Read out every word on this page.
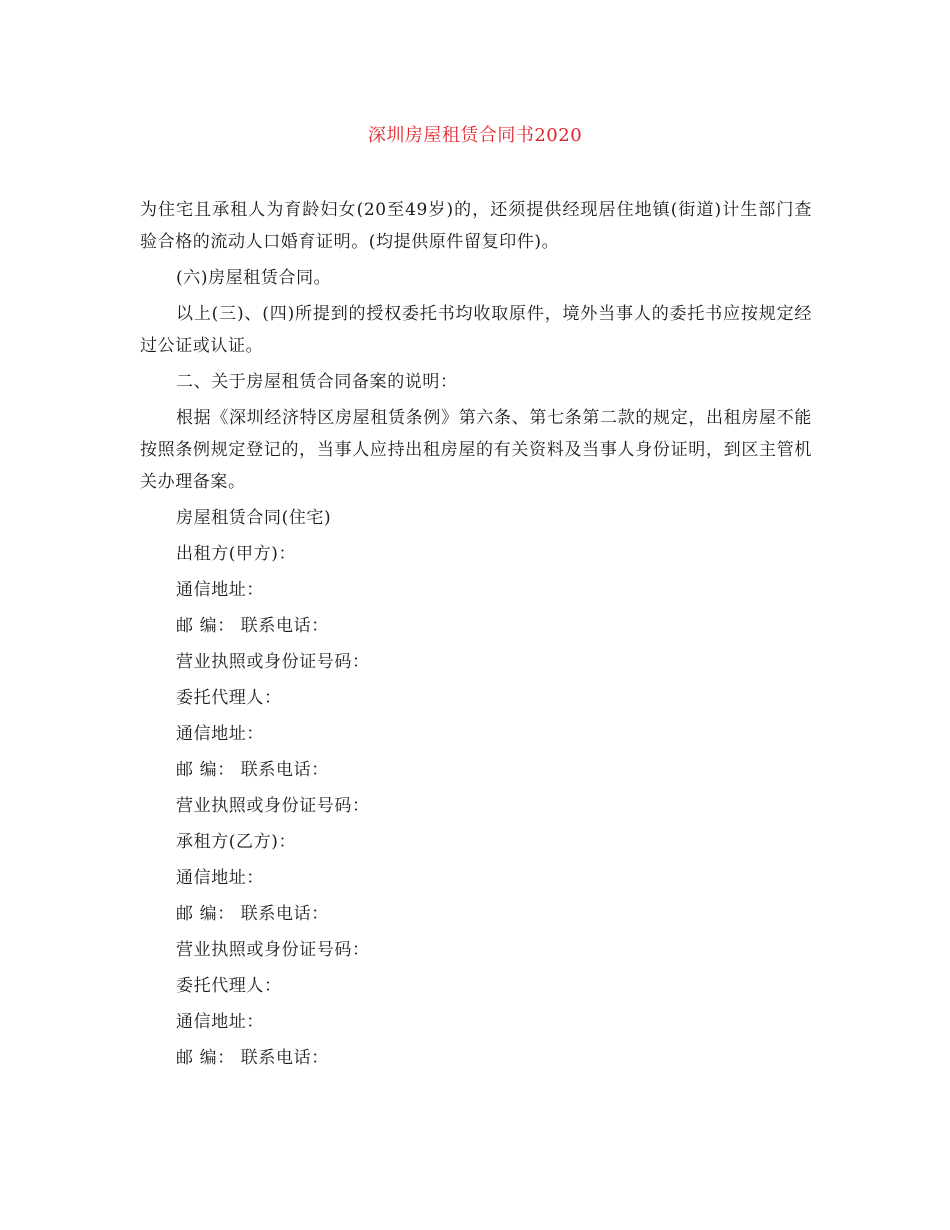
深圳房屋租赁合同书2020

为住宅且承租人为育龄妇女(20至49岁)的，还须提供经现居住地镇(街道)计生部门查验合格的流动人口婚育证明。(均提供原件留复印件)。

(六)房屋租赁合同。

以上(三)、(四)所提到的授权委托书均收取原件，境外当事人的委托书应按规定经过公证或认证。

二、关于房屋租赁合同备案的说明：

根据《深圳经济特区房屋租赁条例》第六条、第七条第二款的规定，出租房屋不能按照条例规定登记的，当事人应持出租房屋的有关资料及当事人身份证明，到区主管机关办理备案。

房屋租赁合同(住宅)

出租方(甲方)：

通信地址：

邮 编： 联系电话：

营业执照或身份证号码：

委托代理人：

通信地址：

邮 编： 联系电话：

营业执照或身份证号码：

承租方(乙方)：

通信地址：

邮 编： 联系电话：

营业执照或身份证号码：

委托代理人：

通信地址：

邮 编： 联系电话：
